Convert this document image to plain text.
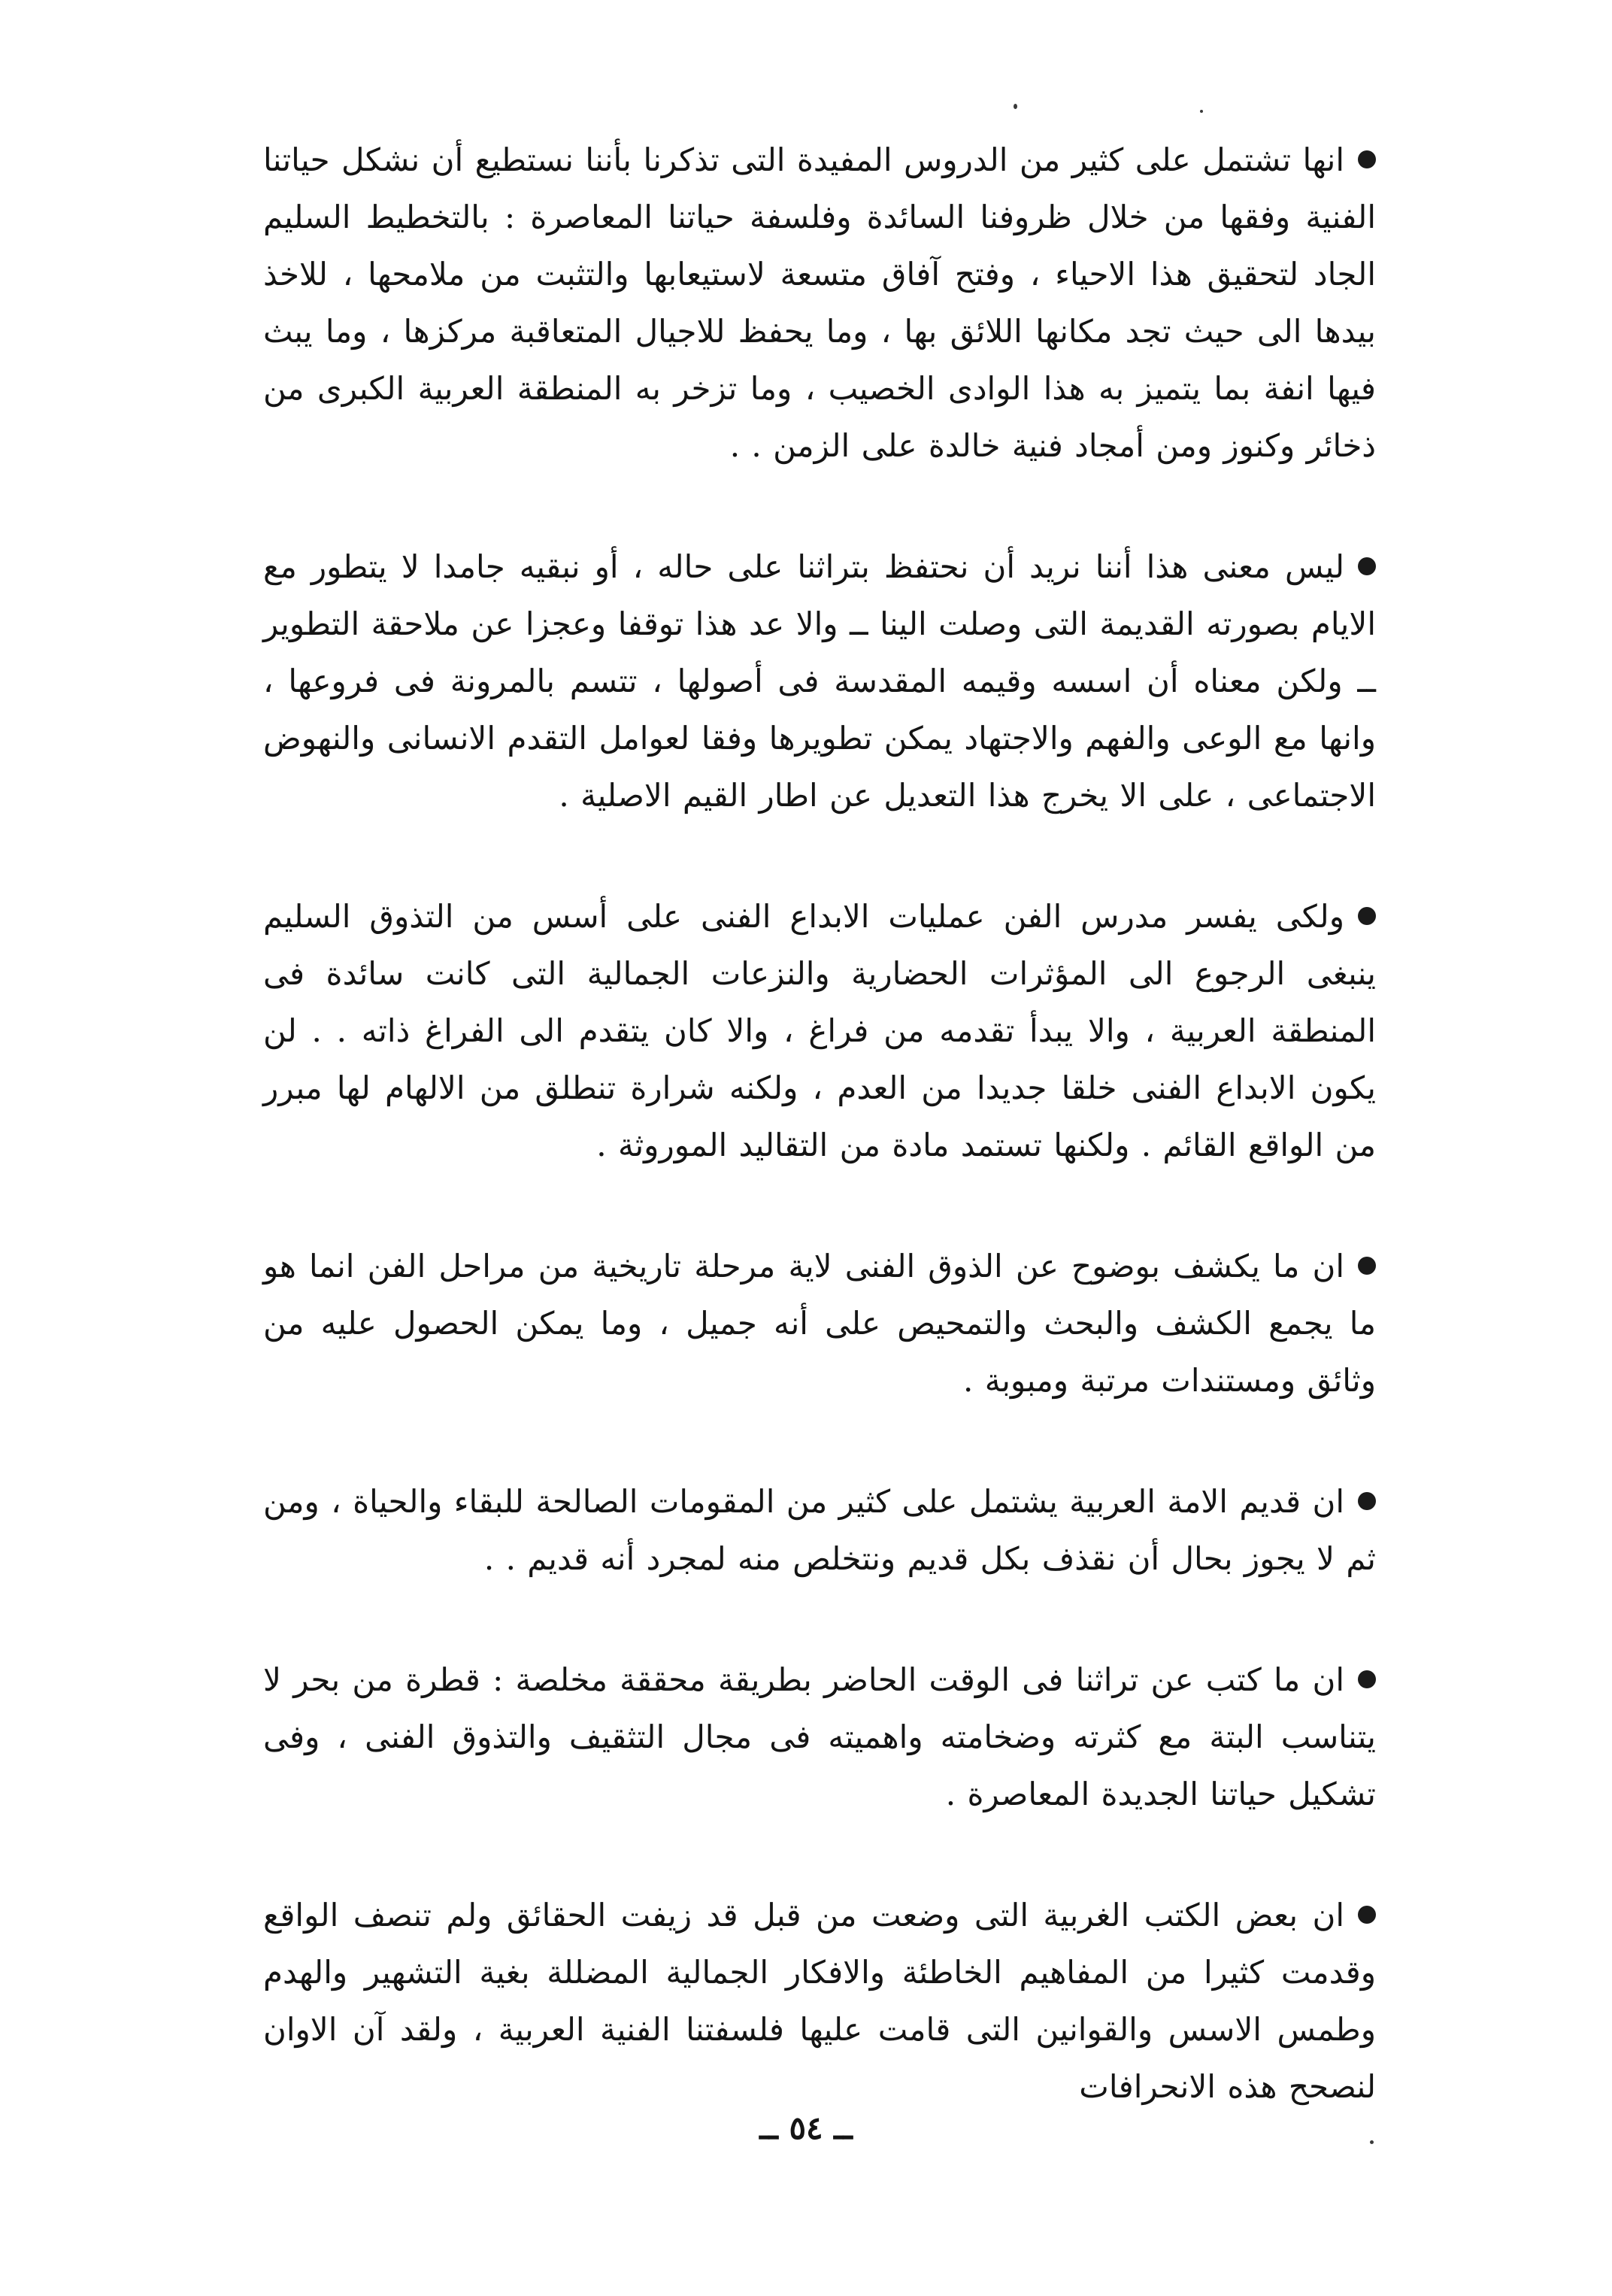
انها تشتمل على كثير من الدروس المفيدة التى تذكرنا بأننا نستطيع أن نشكل حياتنا الفنية وفقها من خلال ظروفنا السائدة وفلسفة حياتنا المعاصرة : بالتخطيط السليم الجاد لتحقيق هذا الاحياء ، وفتح آفاق متسعة لاستيعابها والتثبت من ملامحها ، للاخذ بيدها الى حيث تجد مكانها اللائق بها ، وما يحفظ للاجيال المتعاقبة مركزها ، وما يبث فيها انفة بما يتميز به هذا الوادى الخصيب ، وما تزخر به المنطقة العربية الكبرى من ذخائر وكنوز ومن أمجاد فنية خالدة على الزمن . .

ليس معنى هذا أننا نريد أن نحتفظ بتراثنا على حاله ، أو نبقيه جامدا لا يتطور مع الايام بصورته القديمة التى وصلت الينا ــ والا عد هذا توقفا وعجزا عن ملاحقة التطوير ــ ولكن معناه أن اسسه وقيمه المقدسة فى أصولها ، تتسم بالمرونة فى فروعها ، وانها مع الوعى والفهم والاجتهاد يمكن تطويرها وفقا لعوامل التقدم الانسانى والنهوض الاجتماعى ، على الا يخرج هذا التعديل عن اطار القيم الاصلية .

ولكى يفسر مدرس الفن عمليات الابداع الفنى على أسس من التذوق السليم ينبغى الرجوع الى المؤثرات الحضارية والنزعات الجمالية التى كانت سائدة فى المنطقة العربية ، والا يبدأ تقدمه من فراغ ، والا كان يتقدم الى الفراغ ذاته . . لن يكون الابداع الفنى خلقا جديدا من العدم ، ولكنه شرارة تنطلق من الالهام لها مبرر من الواقع القائم . ولكنها تستمد مادة من التقاليد الموروثة .

ان ما يكشف بوضوح عن الذوق الفنى لاية مرحلة تاريخية من مراحل الفن انما هو ما يجمع الكشف والبحث والتمحيص على أنه جميل ، وما يمكن الحصول عليه من وثائق ومستندات مرتبة ومبوبة .

ان قديم الامة العربية يشتمل على كثير من المقومات الصالحة للبقاء والحياة ، ومن ثم لا يجوز بحال أن نقذف بكل قديم ونتخلص منه لمجرد أنه قديم . .

ان ما كتب عن تراثنا فى الوقت الحاضر بطريقة محققة مخلصة : قطرة من بحر لا يتناسب البتة مع كثرته وضخامته واهميته فى مجال التثقيف والتذوق الفنى ، وفى تشكيل حياتنا الجديدة المعاصرة .

ان بعض الكتب الغربية التى وضعت من قبل قد زيفت الحقائق ولم تنصف الواقع وقدمت كثيرا من المفاهيم الخاطئة والافكار الجمالية المضللة بغية التشهير والهدم وطمس الاسس والقوانين التى قامت عليها فلسفتنا الفنية العربية ، ولقد آن الاوان لنصحح هذه الانحرافات

ــ ٥٤ ــ
